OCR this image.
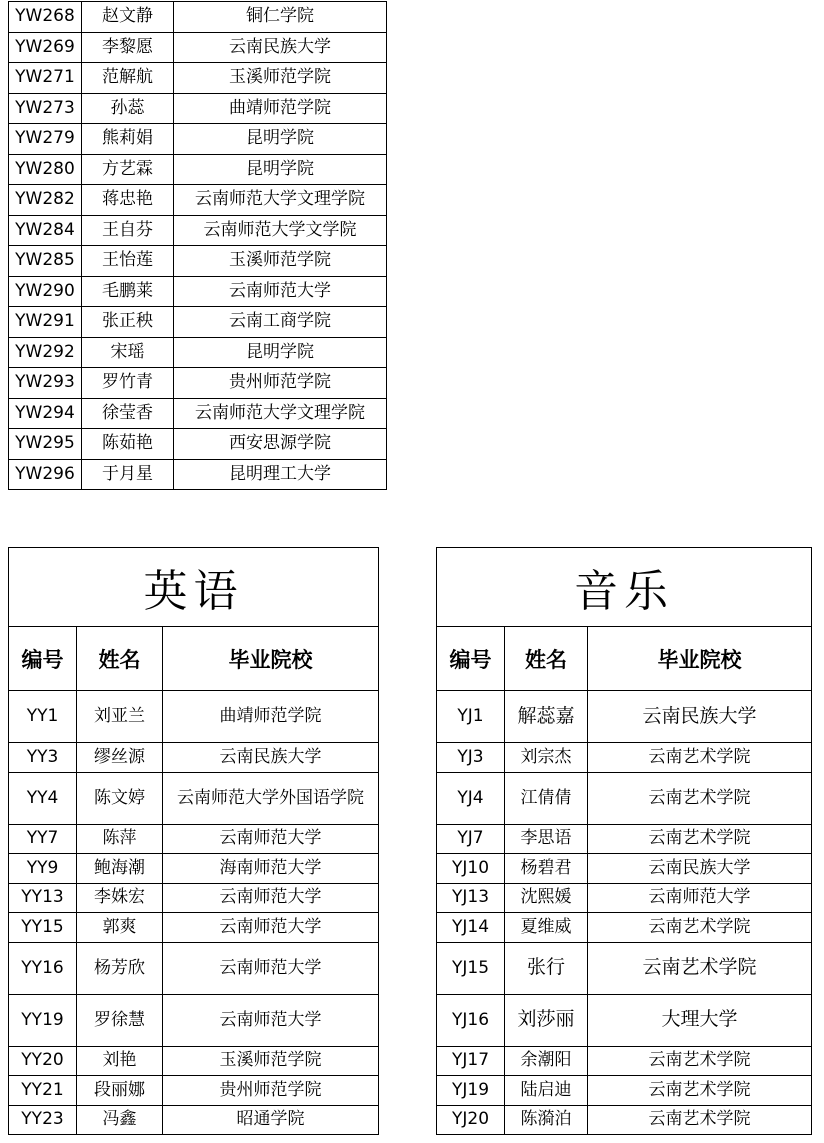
YW268	赵文静	铜仁学院
YW269	李黎愿	云南民族大学
YW271	范解航	玉溪师范学院
YW273	孙蕊	曲靖师范学院
YW279	熊莉娟	昆明学院
YW280	方艺霖	昆明学院
YW282	蒋忠艳	云南师范大学文理学院
YW284	王自芬	云南师范大学文学院
YW285	王怡莲	玉溪师范学院
YW290	毛鹏莱	云南师范大学
YW291	张正秧	云南工商学院
YW292	宋瑶	昆明学院
YW293	罗竹青	贵州师范学院
YW294	徐莹香	云南师范大学文理学院
YW295	陈茹艳	西安思源学院
YW296	于月星	昆明理工大学
英语		
编号	姓名	毕业院校
YY1	刘亚兰	曲靖师范学院
YY3	缪丝源	云南民族大学
YY4	陈文婷	云南师范大学外国语学院
YY7	陈萍	云南师范大学
YY9	鲍海潮	海南师范大学
YY13	李姝宏	云南师范大学
YY15	郭爽	云南师范大学
YY16	杨芳欣	云南师范大学
YY19	罗徐慧	云南师范大学
YY20	刘艳	玉溪师范学院
YY21	段丽娜	贵州师范学院
YY23	冯鑫	昭通学院
音乐		
编号	姓名	毕业院校
YJ1	解蕊嘉	云南民族大学
YJ3	刘宗杰	云南艺术学院
YJ4	江倩倩	云南艺术学院
YJ7	李思语	云南艺术学院
YJ10	杨碧君	云南民族大学
YJ13	沈熙媛	云南师范大学
YJ14	夏维威	云南艺术学院
YJ15	张行	云南艺术学院
YJ16	刘莎丽	大理大学
YJ17	余潮阳	云南艺术学院
YJ19	陆启迪	云南艺术学院
YJ20	陈漪泊	云南艺术学院
